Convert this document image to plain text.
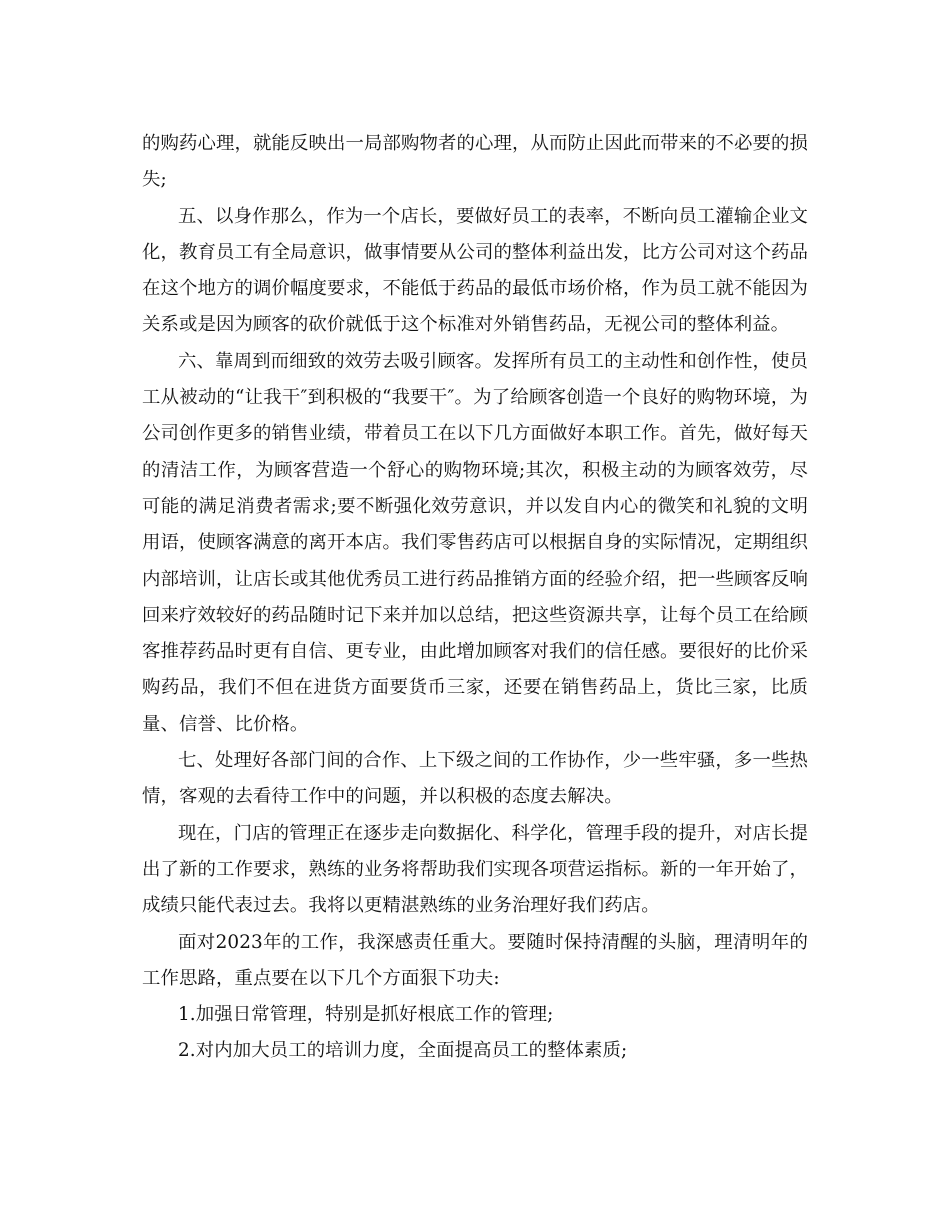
的购药心理，就能反映出一局部购物者的心理，从而防止因此而带来的不必要的损失;

五、以身作那么，作为一个店长，要做好员工的表率，不断向员工灌输企业文化，教育员工有全局意识，做事情要从公司的整体利益出发，比方公司对这个药品在这个地方的调价幅度要求，不能低于药品的最低市场价格，作为员工就不能因为关系或是因为顾客的砍价就低于这个标准对外销售药品，无视公司的整体利益。

六、靠周到而细致的效劳去吸引顾客。发挥所有员工的主动性和创作性，使员工从被动的“让我干″到积极的“我要干″。为了给顾客创造一个良好的购物环境，为公司创作更多的销售业绩，带着员工在以下几方面做好本职工作。首先，做好每天的清洁工作，为顾客营造一个舒心的购物环境;其次，积极主动的为顾客效劳，尽可能的满足消费者需求;要不断强化效劳意识，并以发自内心的微笑和礼貌的文明用语，使顾客满意的离开本店。我们零售药店可以根据自身的实际情况，定期组织内部培训，让店长或其他优秀员工进行药品推销方面的经验介绍，把一些顾客反响回来疗效较好的药品随时记下来并加以总结，把这些资源共享，让每个员工在给顾客推荐药品时更有自信、更专业，由此增加顾客对我们的信任感。要很好的比价采购药品，我们不但在进货方面要货币三家，还要在销售药品上，货比三家，比质量、信誉、比价格。

七、处理好各部门间的合作、上下级之间的工作协作，少一些牢骚，多一些热情，客观的去看待工作中的问题，并以积极的态度去解决。

现在，门店的管理正在逐步走向数据化、科学化，管理手段的提升，对店长提出了新的工作要求，熟练的业务将帮助我们实现各项营运指标。新的一年开始了，成绩只能代表过去。我将以更精湛熟练的业务治理好我们药店。

面对2023年的工作，我深感责任重大。要随时保持清醒的头脑，理清明年的工作思路，重点要在以下几个方面狠下功夫:

1.加强日常管理，特别是抓好根底工作的管理;

2.对内加大员工的培训力度，全面提高员工的整体素质;
